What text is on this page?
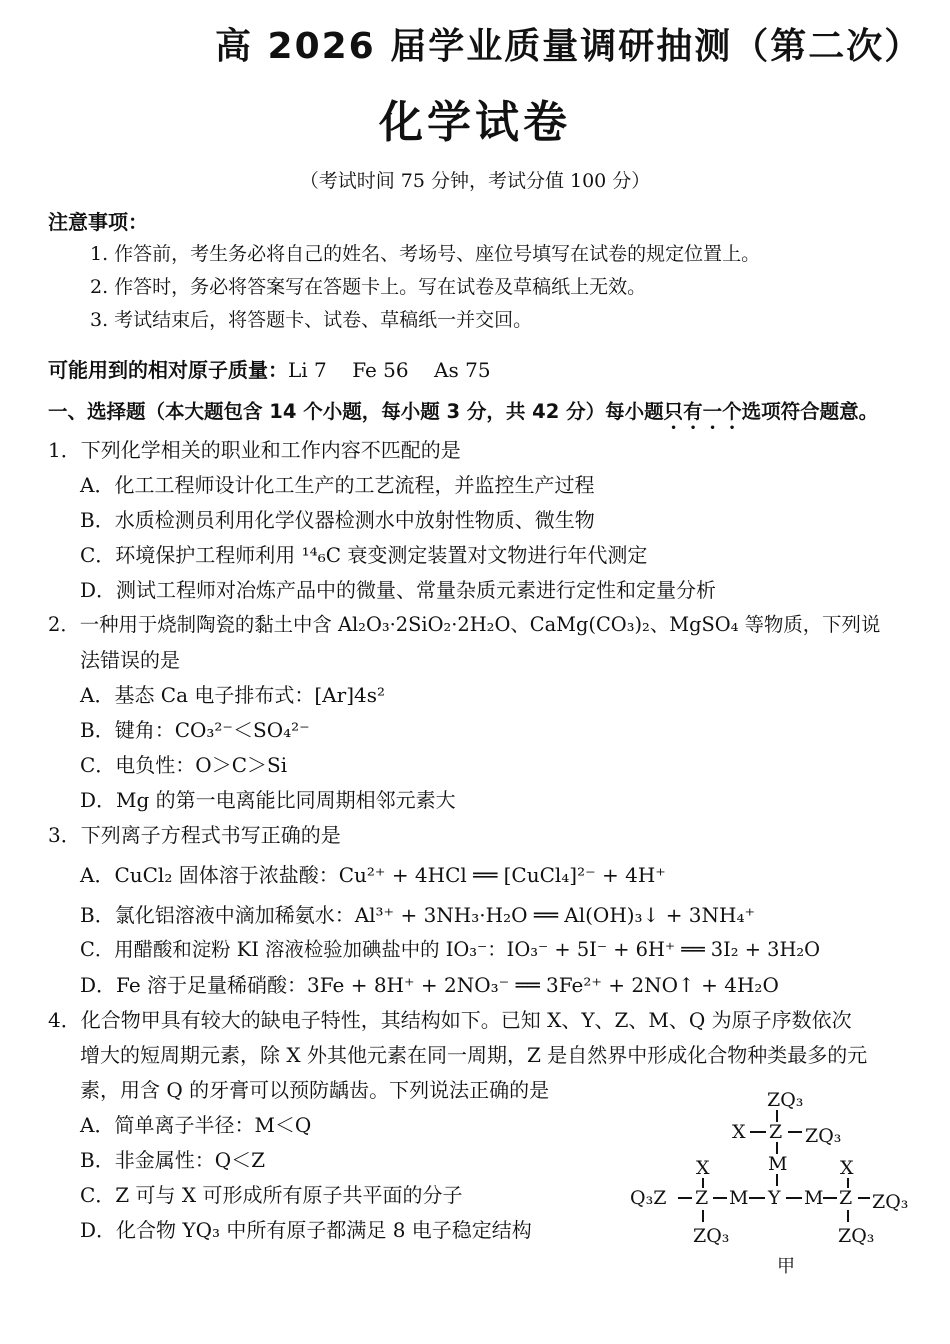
高 2026 届学业质量调研抽测（第二次）
化学试卷
（考试时间 75 分钟，考试分值 100 分）
注意事项：
1. 作答前，考生务必将自己的姓名、考场号、座位号填写在试卷的规定位置上。
2. 作答时，务必将答案写在答题卡上。写在试卷及草稿纸上无效。
3. 考试结束后，将答题卡、试卷、草稿纸一并交回。
可能用到的相对原子质量：Li 7    Fe 56    As 75
一、选择题（本大题包含 14 个小题，每小题 3 分，共 42 分）每小题只有一个选项符合题意。
1．下列化学相关的职业和工作内容不匹配的是
A．化工工程师设计化工生产的工艺流程，并监控生产过程
B．水质检测员利用化学仪器检测水中放射性物质、微生物
C．环境保护工程师利用 ¹⁴₆C 衰变测定装置对文物进行年代测定
D．测试工程师对冶炼产品中的微量、常量杂质元素进行定性和定量分析
2．一种用于烧制陶瓷的黏土中含 Al₂O₃·2SiO₂·2H₂O、CaMg(CO₃)₂、MgSO₄ 等物质，下列说
法错误的是
A．基态 Ca 电子排布式：[Ar]4s²
B．键角：CO₃²⁻＜SO₄²⁻
C．电负性：O＞C＞Si
D．Mg 的第一电离能比同周期相邻元素大
3．下列离子方程式书写正确的是
A．CuCl₂ 固体溶于浓盐酸：Cu²⁺ + 4HCl ══ [CuCl₄]²⁻ + 4H⁺
B．氯化铝溶液中滴加稀氨水：Al³⁺ + 3NH₃·H₂O ══ Al(OH)₃↓ + 3NH₄⁺
C．用醋酸和淀粉 KI 溶液检验加碘盐中的 IO₃⁻：IO₃⁻ + 5I⁻ + 6H⁺ ══ 3I₂ + 3H₂O
D．Fe 溶于足量稀硝酸：3Fe + 8H⁺ + 2NO₃⁻ ══ 3Fe²⁺ + 2NO↑ + 4H₂O
4．化合物甲具有较大的缺电子特性，其结构如下。已知 X、Y、Z、M、Q 为原子序数依次
增大的短周期元素，除 X 外其他元素在同一周期，Z 是自然界中形成化合物种类最多的元
素，用含 Q 的牙膏可以预防龋齿。下列说法正确的是
A．简单离子半径：M＜Q
B．非金属性：Q＜Z
C．Z 可与 X 可形成所有原子共平面的分子
D．化合物 YQ₃ 中所有原子都满足 8 电子稳定结构
ZQ₃
X Z ZQ₃
M
X
Q₃Z Z M Y M Z ZQ₃
X
ZQ₃	ZQ₃
甲
